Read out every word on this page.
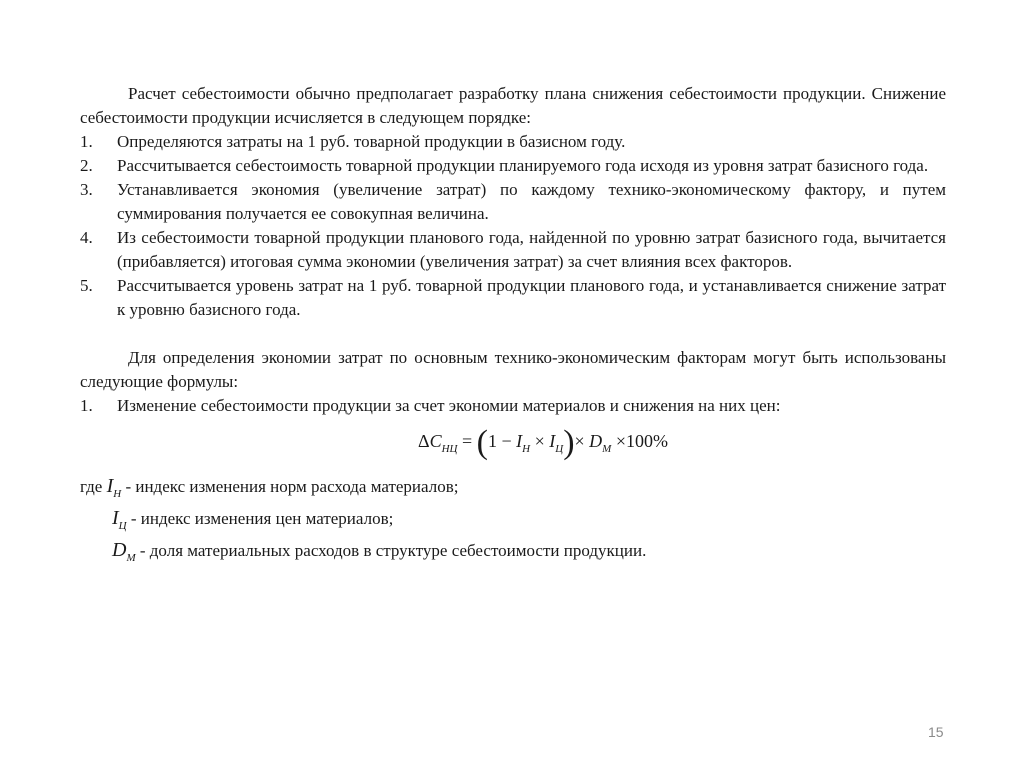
Расчет себестоимости обычно предполагает разработку плана снижения себестоимости продукции. Снижение себестоимости продукции исчисляется в следующем порядке:

1.	Определяются затраты на 1 руб. товарной продукции в базисном году.
2.	Рассчитывается себестоимость товарной продукции планируемого года исходя из уровня затрат базисного года.
3.	Устанавливается экономия (увеличение затрат) по каждому технико-экономическому фактору, и путем суммирования получается ее совокупная величина.
4.	Из себестоимости товарной продукции планового года, найденной по уровню затрат базисного года, вычитается (прибавляется) итоговая сумма экономии (увеличения затрат) за счет влияния всех факторов.
5.	Рассчитывается уровень затрат на 1 руб. товарной продукции планового года, и устанавливается снижение затрат к уровню базисного года.

Для определения экономии затрат по основным технико-экономическим факторам могут быть использованы следующие формулы:

1.	Изменение себестоимости продукции за счет экономии материалов и снижения на них цен:
$\Delta C_{НЦ} = (1 - I_Н \times I_Ц)\times D_М \times 100\%$
где $I_Н$ - индекс изменения норм расхода материалов;
$I_Ц$ - индекс изменения цен материалов;
$D_М$ - доля материальных расходов в структуре себестоимости продукции.
15
